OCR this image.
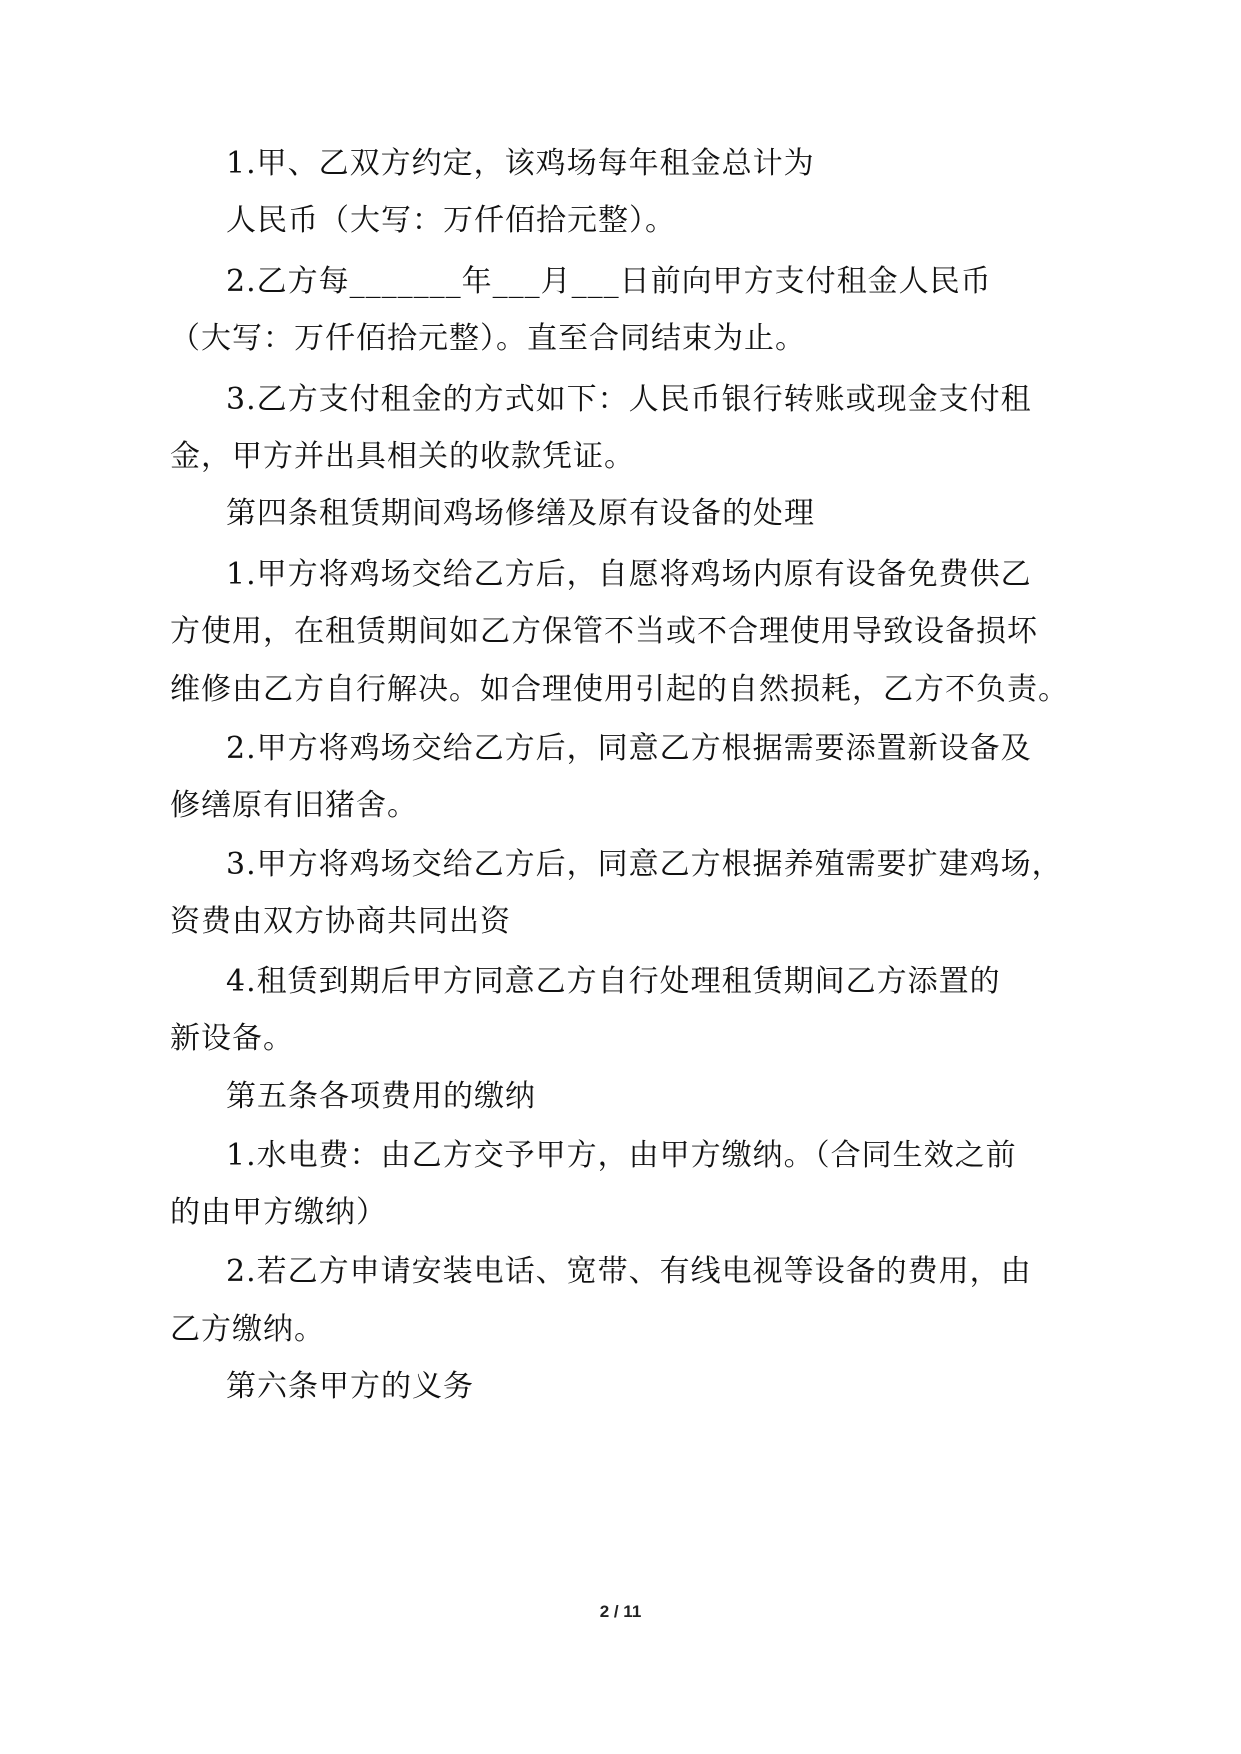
1.甲、乙双方约定，该鸡场每年租金总计为
人民币（大写：万仟佰拾元整）。
2.乙方每_______年___月___日前向甲方支付租金人民币
（大写：万仟佰拾元整）。直至合同结束为止。
3.乙方支付租金的方式如下：人民币银行转账或现金支付租
金，甲方并出具相关的收款凭证。
第四条租赁期间鸡场修缮及原有设备的处理
1.甲方将鸡场交给乙方后，自愿将鸡场内原有设备免费供乙
方使用，在租赁期间如乙方保管不当或不合理使用导致设备损坏
维修由乙方自行解决。如合理使用引起的自然损耗，乙方不负责。
2.甲方将鸡场交给乙方后，同意乙方根据需要添置新设备及
修缮原有旧猪舍。
3.甲方将鸡场交给乙方后，同意乙方根据养殖需要扩建鸡场，
资费由双方协商共同出资
4.租赁到期后甲方同意乙方自行处理租赁期间乙方添置的
新设备。
第五条各项费用的缴纳
1.水电费：由乙方交予甲方，由甲方缴纳。（合同生效之前
的由甲方缴纳）
2.若乙方申请安装电话、宽带、有线电视等设备的费用，由
乙方缴纳。
第六条甲方的义务
2 / 11
